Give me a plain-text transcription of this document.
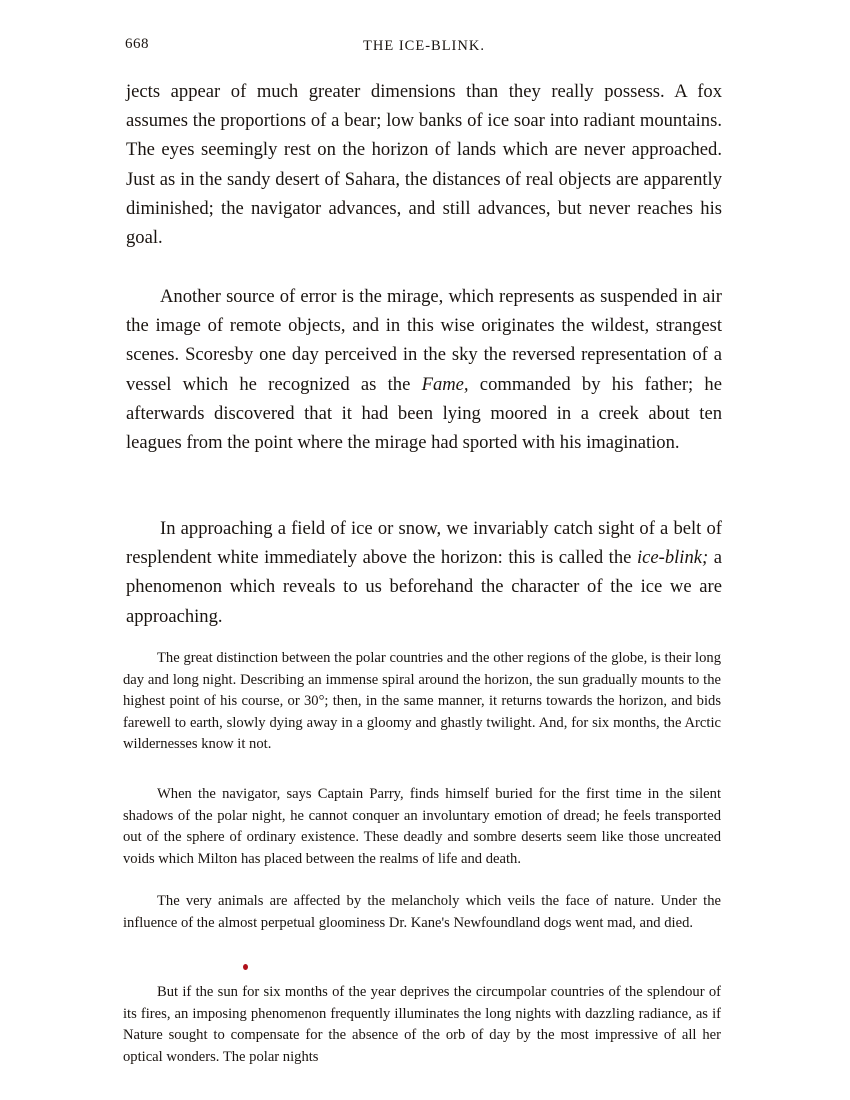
668	THE ICE-BLINK.

jects appear of much greater dimensions than they really possess. A fox assumes the proportions of a bear; low banks of ice soar into radiant mountains. The eyes seemingly rest on the horizon of lands which are never approached. Just as in the sandy desert of Sahara, the distances of real objects are apparently diminished; the navigator advances, and still advances, but never reaches his goal.

Another source of error is the mirage, which represents as suspended in air the image of remote objects, and in this wise originates the wildest, strangest scenes. Scoresby one day perceived in the sky the reversed representation of a vessel which he recognized as the Fame, commanded by his father; he afterwards discovered that it had been lying moored in a creek about ten leagues from the point where the mirage had sported with his imagination.

In approaching a field of ice or snow, we invariably catch sight of a belt of resplendent white immediately above the horizon: this is called the ice-blink; a phenomenon which reveals to us beforehand the character of the ice we are approaching.

The great distinction between the polar countries and the other regions of the globe, is their long day and long night. Describing an immense spiral around the horizon, the sun gradually mounts to the highest point of his course, or 30°; then, in the same manner, it returns towards the horizon, and bids farewell to earth, slowly dying away in a gloomy and ghastly twilight. And, for six months, the Arctic wildernesses know it not.

When the navigator, says Captain Parry, finds himself buried for the first time in the silent shadows of the polar night, he cannot conquer an involuntary emotion of dread; he feels transported out of the sphere of ordinary existence. These deadly and sombre deserts seem like those uncreated voids which Milton has placed between the realms of life and death.

The very animals are affected by the melancholy which veils the face of nature. Under the influence of the almost perpetual gloominess Dr. Kane's Newfoundland dogs went mad, and died.

But if the sun for six months of the year deprives the circumpolar countries of the splendour of its fires, an imposing phenomenon frequently illuminates the long nights with dazzling radiance, as if Nature sought to compensate for the absence of the orb of day by the most impressive of all her optical wonders. The polar nights
